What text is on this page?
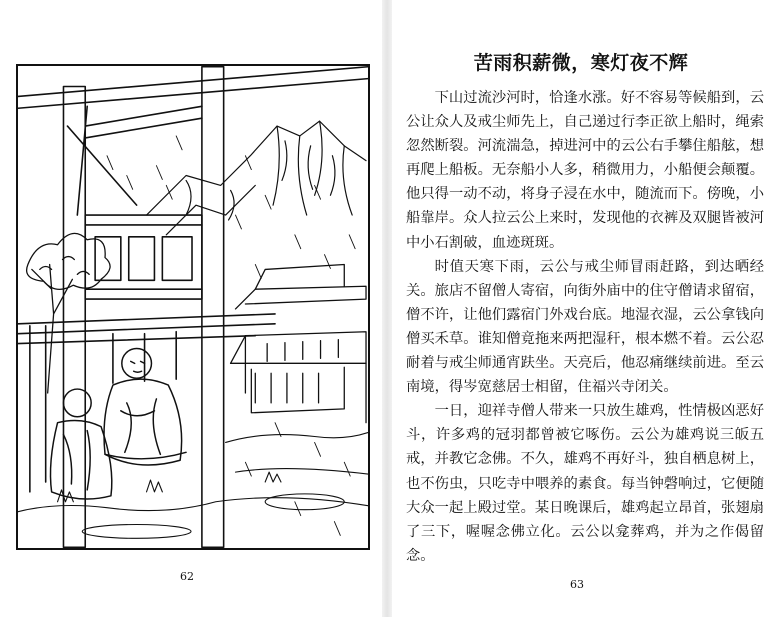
62
苦雨积薪微，寒灯夜不辉

下山过流沙河时，恰逢水涨。好不容易等候船到，云公让众人及戒尘师先上，自己递过行李正欲上船时，绳索忽然断裂。河流湍急，掉进河中的云公右手攀住船舷，想再爬上船板。无奈船小人多，稍微用力，小船便会颠覆。他只得一动不动，将身子浸在水中，随流而下。傍晚，小船靠岸。众人拉云公上来时，发现他的衣裤及双腿皆被河中小石割破，血迹斑斑。

时值天寒下雨，云公与戒尘师冒雨赶路，到达晒经关。旅店不留僧人寄宿，向街外庙中的住守僧请求留宿，僧不许，让他们露宿门外戏台底。地湿衣湿，云公拿钱向僧买禾草。谁知僧竟拖来两把湿秆，根本燃不着。云公忍耐着与戒尘师通宵趺坐。天亮后，他忍痛继续前进。至云南境，得岑宽慈居士相留，住福兴寺闭关。

一日，迎祥寺僧人带来一只放生雄鸡，性情极凶恶好斗，许多鸡的冠羽都曾被它啄伤。云公为雄鸡说三皈五戒，并教它念佛。不久，雄鸡不再好斗，独自栖息树上，也不伤虫，只吃寺中喂养的素食。每当钟磬响过，它便随大众一起上殿过堂。某日晚课后，雄鸡起立昂首，张翅扇了三下，喔喔念佛立化。云公以龛葬鸡，并为之作偈留念。

63
